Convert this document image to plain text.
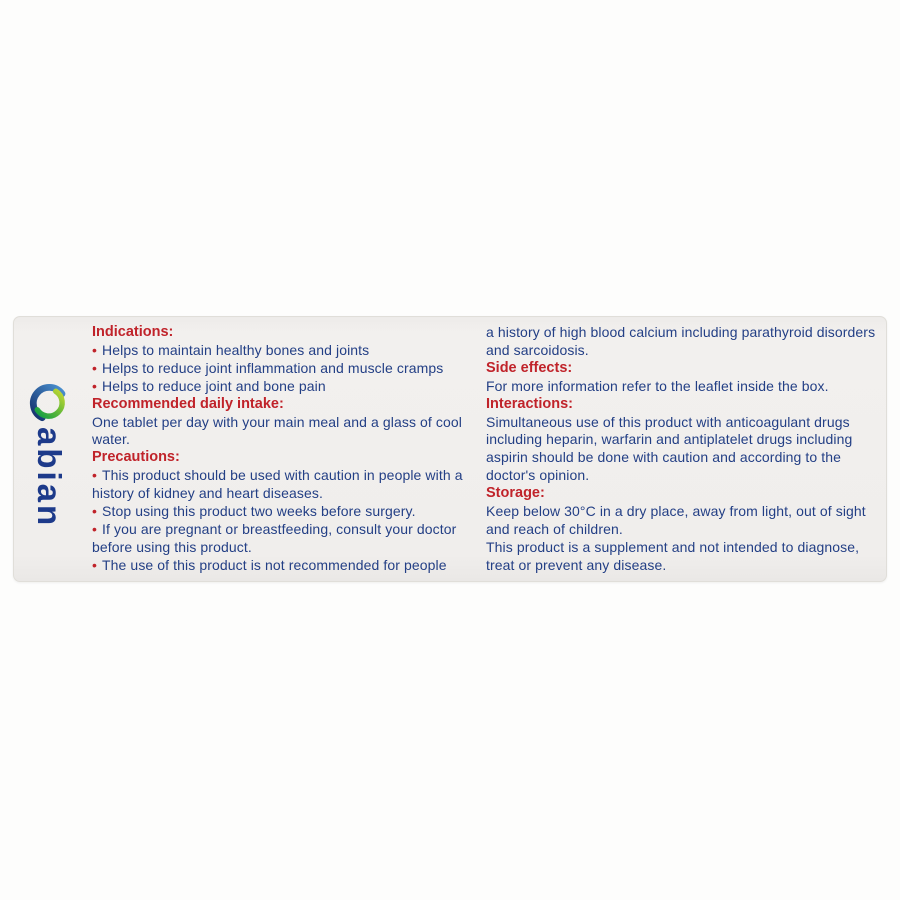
abian
Indications:
• Helps to maintain healthy bones and joints
• Helps to reduce joint inflammation and muscle cramps
• Helps to reduce joint and bone pain
Recommended daily intake:
One tablet per day with your main meal and a glass of cool
water.
Precautions:
• This product should be used with caution in people with a
history of kidney and heart diseases.
• Stop using this product two weeks before surgery.
• If you are pregnant or breastfeeding, consult your doctor
before using this product.
• The use of this product is not recommended for people
a history of high blood calcium including parathyroid disorders
and sarcoidosis.
Side effects:
For more information refer to the leaflet inside the box.
Interactions:
Simultaneous use of this product with anticoagulant drugs
including heparin, warfarin and antiplatelet drugs including
aspirin should be done with caution and according to the
doctor's opinion.
Storage:
Keep below 30°C in a dry place, away from light, out of sight
and reach of children.
This product is a supplement and not intended to diagnose,
treat or prevent any disease.
